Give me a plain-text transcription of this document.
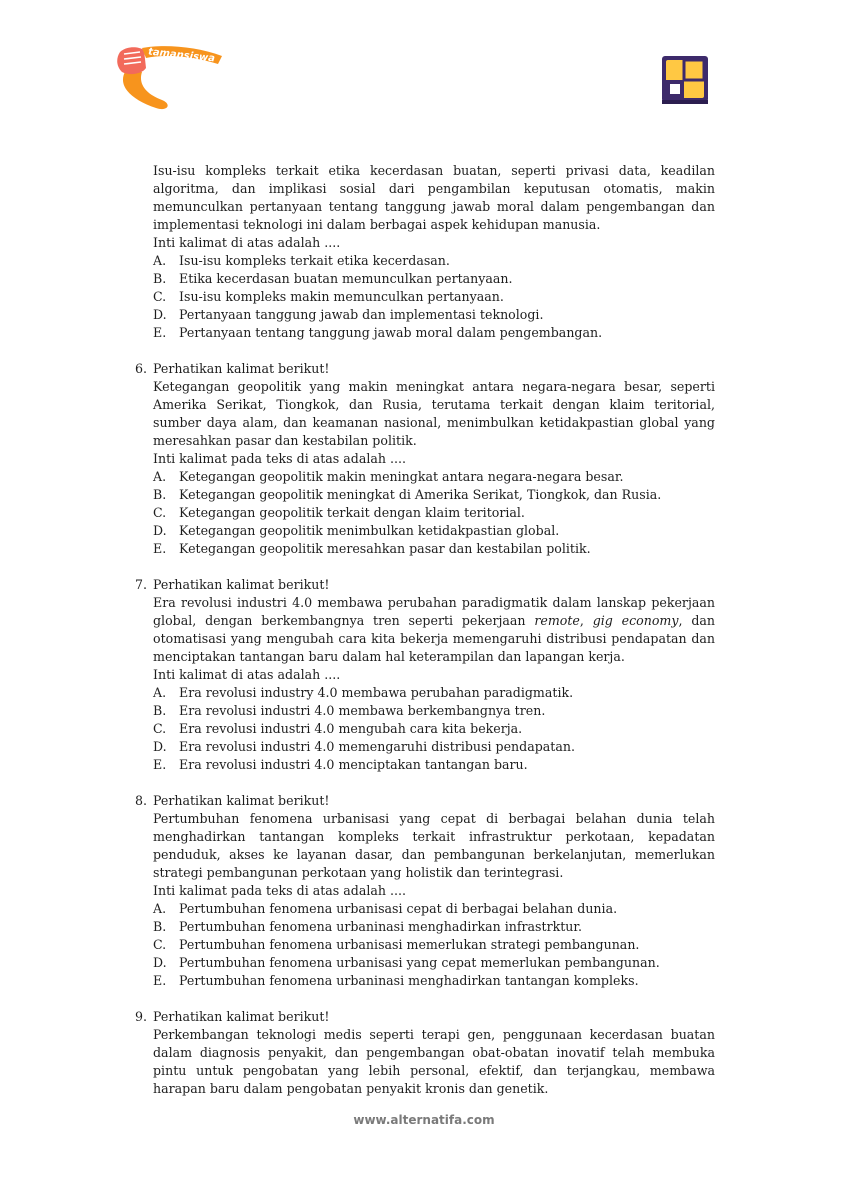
tamansiswa

Isu-isu kompleks terkait etika kecerdasan buatan, seperti privasi data, keadilan algoritma, dan implikasi sosial dari pengambilan keputusan otomatis, makin memunculkan pertanyaan tentang tanggung jawab moral dalam pengembangan dan implementasi teknologi ini dalam berbagai aspek kehidupan manusia.

Inti kalimat di atas adalah ....

A.	Isu-isu kompleks terkait etika kecerdasan.
B.	Etika kecerdasan buatan memunculkan pertanyaan.
C.	Isu-isu kompleks makin memunculkan pertanyaan.
D. Pertanyaan tanggung jawab dan implementasi teknologi.
E.	Pertanyaan tentang tanggung jawab moral dalam pengembangan.
6. Perhatikan kalimat berikut!

Ketegangan geopolitik yang makin meningkat antara negara-negara besar, seperti Amerika Serikat, Tiongkok, dan Rusia, terutama terkait dengan klaim teritorial, sumber daya alam, dan keamanan nasional, menimbulkan ketidakpastian global yang meresahkan pasar dan kestabilan politik.

Inti kalimat pada teks di atas adalah ....

A.	Ketegangan geopolitik makin meningkat antara negara-negara besar.
B.	Ketegangan geopolitik meningkat di Amerika Serikat, Tiongkok, dan Rusia.
C.	Ketegangan geopolitik terkait dengan klaim teritorial.
D. Ketegangan geopolitik menimbulkan ketidakpastian global.
E.	Ketegangan geopolitik meresahkan pasar dan kestabilan politik.
7. Perhatikan kalimat berikut!

Era revolusi industri 4.0 membawa perubahan paradigmatik dalam lanskap pekerjaan global, dengan berkembangnya tren seperti pekerjaan remote, gig economy, dan otomatisasi yang mengubah cara kita bekerja memengaruhi distribusi pendapatan dan menciptakan tantangan baru dalam hal keterampilan dan lapangan kerja.

Inti kalimat di atas adalah ....

A.	Era revolusi industry 4.0 membawa perubahan paradigmatik.
B.	Era revolusi industri 4.0 membawa berkembangnya tren.
C.	Era revolusi industri 4.0 mengubah cara kita bekerja.
D. Era revolusi industri 4.0 memengaruhi distribusi pendapatan.
E.	Era revolusi industri 4.0 menciptakan tantangan baru.
8. Perhatikan kalimat berikut!

Pertumbuhan fenomena urbanisasi yang cepat di berbagai belahan dunia telah menghadirkan tantangan kompleks terkait infrastruktur perkotaan, kepadatan penduduk, akses ke layanan dasar, dan pembangunan berkelanjutan, memerlukan strategi pembangunan perkotaan yang holistik dan terintegrasi.

Inti kalimat pada teks di atas adalah ....

A.	Pertumbuhan fenomena urbanisasi cepat di berbagai belahan dunia.
B.	Pertumbuhan fenomena urbaninasi menghadirkan infrastrktur.
C.	Pertumbuhan fenomena urbanisasi memerlukan strategi pembangunan.
D. Pertumbuhan fenomena urbanisasi yang cepat memerlukan pembangunan.
E.	Pertumbuhan fenomena urbaninasi menghadirkan tantangan kompleks.
9. Perhatikan kalimat berikut!

Perkembangan teknologi medis seperti terapi gen, penggunaan kecerdasan buatan dalam diagnosis penyakit, dan pengembangan obat-obatan inovatif telah membuka pintu untuk pengobatan yang lebih personal, efektif, dan terjangkau, membawa harapan baru dalam pengobatan penyakit kronis dan genetik.

www.alternatifa.com
